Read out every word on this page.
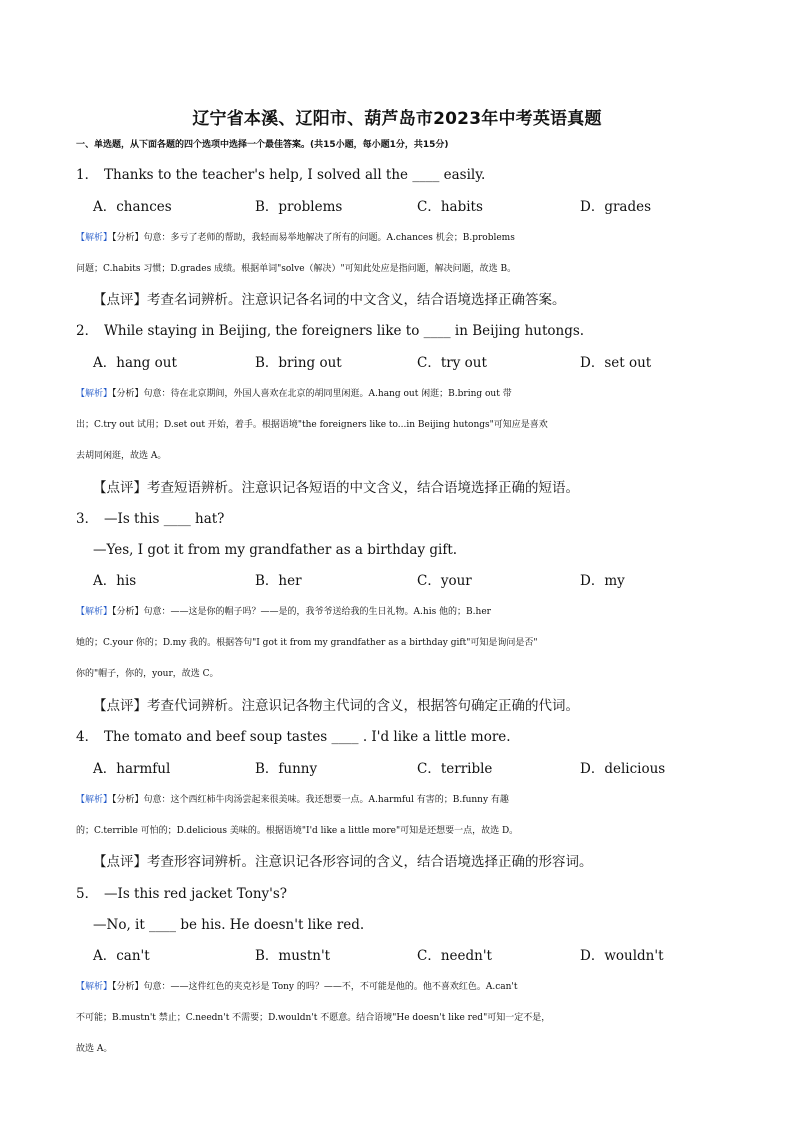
辽宁省本溪、辽阳市、葫芦岛市2023年中考英语真题
一、单选题，从下面各题的四个选项中选择一个最佳答案。(共15小题，每小题1分，共15分)
1． Thanks to the teacher's help, I solved all the ____ easily.
A．chances	B．problems	C．habits	D．grades
【解析】【分析】句意：多亏了老师的帮助，我轻而易举地解决了所有的问题。A.chances 机会；B.problems
问题；C.habits 习惯；D.grades 成绩。根据单词"solve（解决）"可知此处应是指问题，解决问题，故选 B。
【点评】考查名词辨析。注意识记各名词的中文含义，结合语境选择正确答案。
2． While staying in Beijing, the foreigners like to ____ in Beijing hutongs.
A．hang out	B．bring out	C．try out	D．set out
【解析】【分析】句意：待在北京期间，外国人喜欢在北京的胡同里闲逛。A.hang out 闲逛；B.bring out 带
出；C.try out 试用；D.set out 开始，着手。根据语境"the foreigners like to...in Beijing hutongs"可知应是喜欢
去胡同闲逛，故选 A。
【点评】考查短语辨析。注意识记各短语的中文含义，结合语境选择正确的短语。
3． —Is this ____ hat?
—Yes, I got it from my grandfather as a birthday gift.
A．his	B．her	C．your	D．my
【解析】【分析】句意：——这是你的帽子吗？——是的，我爷爷送给我的生日礼物。A.his 他的；B.her
她的；C.your 你的；D.my 我的。根据答句"I got it from my grandfather as a birthday gift"可知是询问是否"
你的"帽子，你的，your，故选 C。
【点评】考查代词辨析。注意识记各物主代词的含义，根据答句确定正确的代词。
4． The tomato and beef soup tastes ____ . I'd like a little more.
A．harmful	B．funny	C．terrible	D．delicious
【解析】【分析】句意：这个西红柿牛肉汤尝起来很美味。我还想要一点。A.harmful 有害的；B.funny 有趣
的；C.terrible 可怕的；D.delicious 美味的。根据语境"I'd like a little more"可知是还想要一点，故选 D。
【点评】考查形容词辨析。注意识记各形容词的含义，结合语境选择正确的形容词。
5． —Is this red jacket Tony's?
—No, it ____ be his. He doesn't like red.
A．can't	B．mustn't	C．needn't	D．wouldn't
【解析】【分析】句意：——这件红色的夹克衫是 Tony 的吗？——不，不可能是他的。他不喜欢红色。A.can't
不可能；B.mustn't 禁止；C.needn't 不需要；D.wouldn't 不愿意。结合语境"He doesn't like red"可知一定不是，
故选 A。
